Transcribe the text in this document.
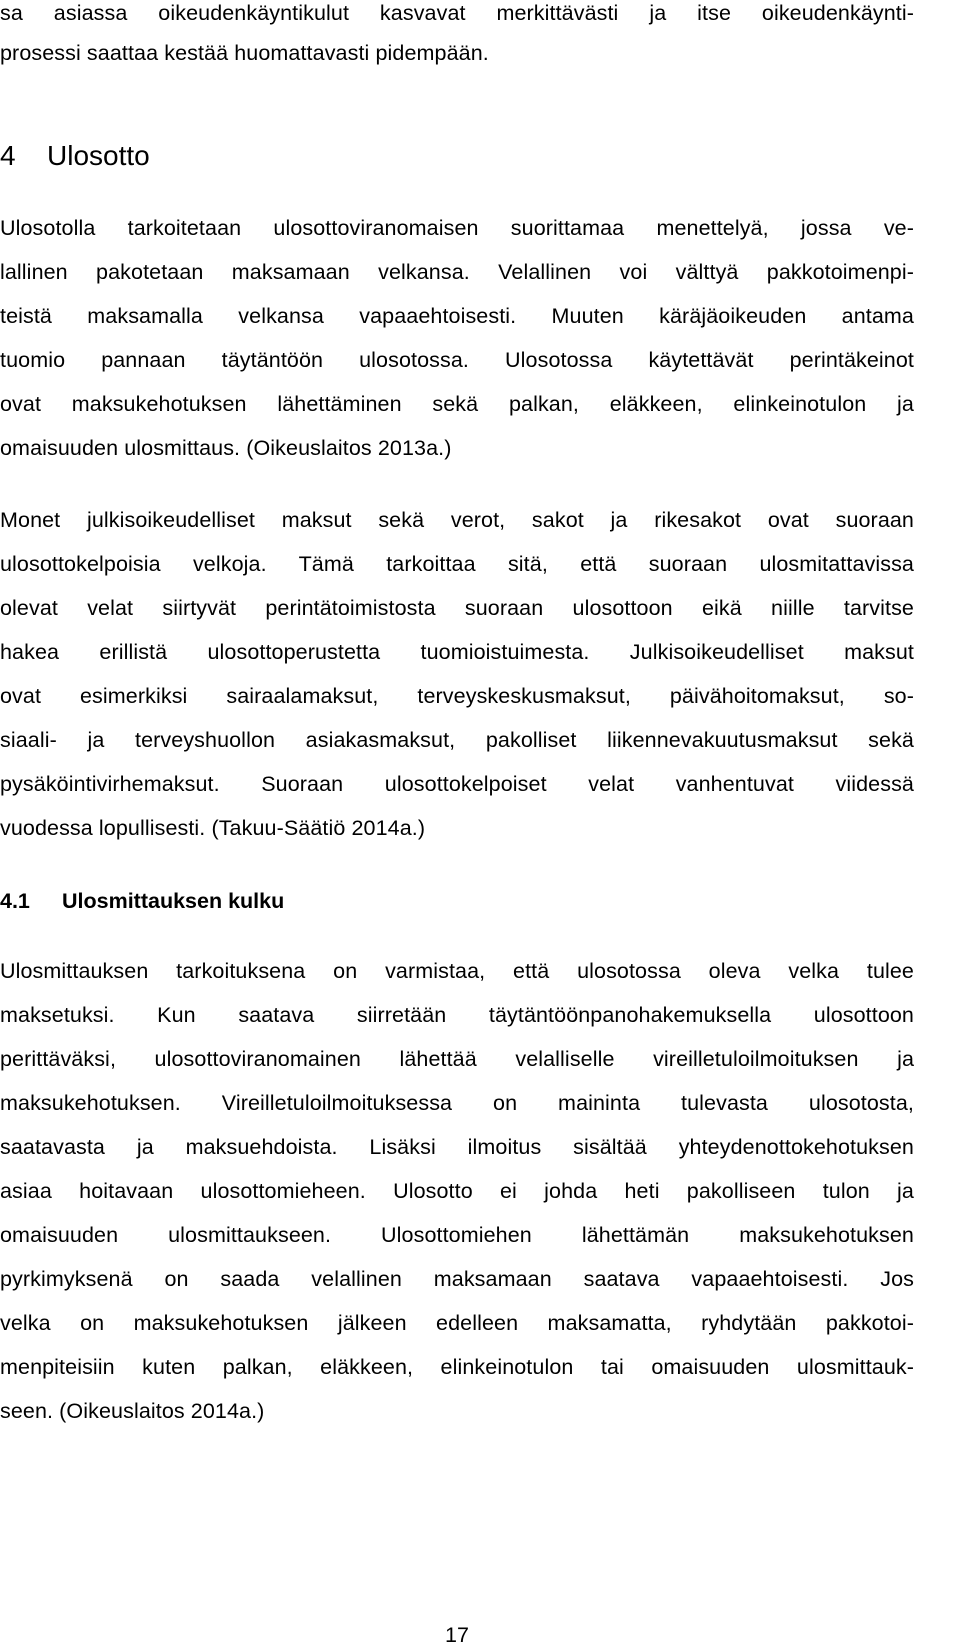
sa asiassa oikeudenkäyntikulut kasvavat merkittävästi ja itse oikeudenkäynti-

prosessi saattaa kestää huomattavasti pidempään.

4 Ulosotto

Ulosotolla tarkoitetaan ulosottoviranomaisen suorittamaa menettelyä, jossa ve-

lallinen pakotetaan maksamaan velkansa. Velallinen voi välttyä pakkotoimenpi-

teistä maksamalla velkansa vapaaehtoisesti. Muuten käräjäoikeuden antama

tuomio pannaan täytäntöön ulosotossa. Ulosotossa käytettävät perintäkeinot

ovat maksukehotuksen lähettäminen sekä palkan, eläkkeen, elinkeinotulon ja

omaisuuden ulosmittaus. (Oikeuslaitos 2013a.)

Monet julkisoikeudelliset maksut sekä verot, sakot ja rikesakot ovat suoraan

ulosottokelpoisia velkoja. Tämä tarkoittaa sitä, että suoraan ulosmitattavissa

olevat velat siirtyvät perintätoimistosta suoraan ulosottoon eikä niille tarvitse

hakea erillistä ulosottoperustetta tuomioistuimesta. Julkisoikeudelliset maksut

ovat esimerkiksi sairaalamaksut, terveyskeskusmaksut, päivähoitomaksut, so-

siaali- ja terveyshuollon asiakasmaksut, pakolliset liikennevakuutusmaksut sekä

pysäköintivirhemaksut. Suoraan ulosottokelpoiset velat vanhentuvat viidessä

vuodessa lopullisesti. (Takuu-Säätiö 2014a.)

4.1 Ulosmittauksen kulku

Ulosmittauksen tarkoituksena on varmistaa, että ulosotossa oleva velka tulee

maksetuksi. Kun saatava siirretään täytäntöönpanohakemuksella ulosottoon

perittäväksi, ulosottoviranomainen lähettää velalliselle vireilletuloilmoituksen ja

maksukehotuksen. Vireilletuloilmoituksessa on maininta tulevasta ulosotosta,

saatavasta ja maksuehdoista. Lisäksi ilmoitus sisältää yhteydenottokehotuksen

asiaa hoitavaan ulosottomieheen. Ulosotto ei johda heti pakolliseen tulon ja

omaisuuden ulosmittaukseen. Ulosottomiehen lähettämän maksukehotuksen

pyrkimyksenä on saada velallinen maksamaan saatava vapaaehtoisesti. Jos

velka on maksukehotuksen jälkeen edelleen maksamatta, ryhdytään pakkotoi-

menpiteisiin kuten palkan, eläkkeen, elinkeinotulon tai omaisuuden ulosmittauk-

seen. (Oikeuslaitos 2014a.)

17
